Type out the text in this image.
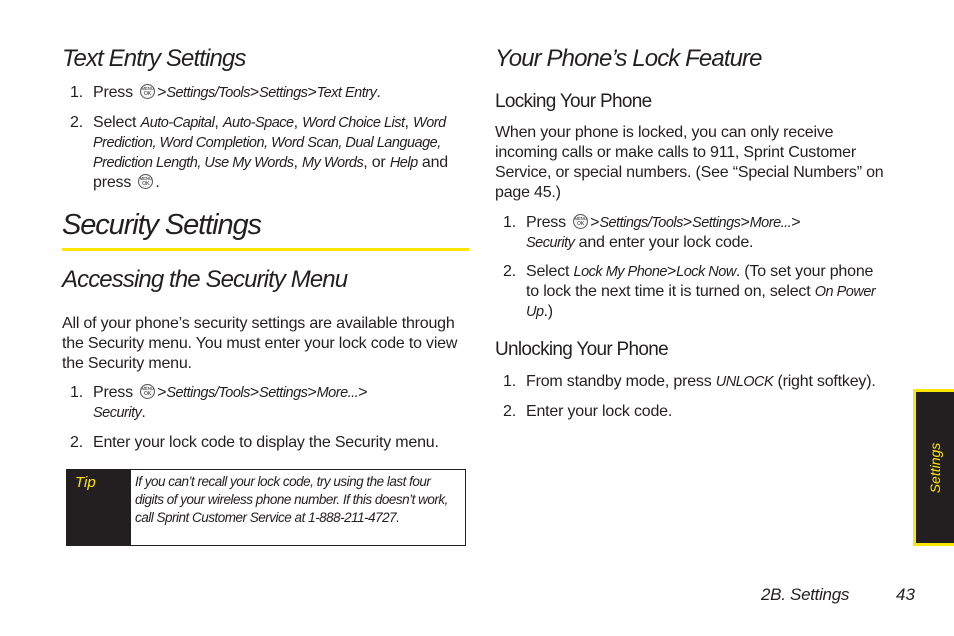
Text Entry Settings
1. Press MENU
OK >Settings/Tools>Settings>Text Entry.
2. Select Auto-Capital, Auto-Space, Word Choice List, Word Prediction, Word Completion, Word Scan, Dual Language, Prediction Length, Use My Words, My Words, or Help and press MENU
OK .
Security Settings
Accessing the Security Menu

All of your phone’s security settings are available through the Security menu. You must enter your lock code to view the Security menu.

1. Press MENU
OK >Settings/Tools>Settings>More...>
Security.
2. Enter your lock code to display the Security menu.
Tip	If you can’t recall your lock code, try using the last four digits of your wireless phone number. If this doesn’t work, call Sprint Customer Service at 1-888-211-4727.

Your Phone’s Lock Feature
Locking Your Phone

When your phone is locked, you can only receive incoming calls or make calls to 911, Sprint Customer Service, or special numbers. (See “Special Numbers” on page 45.)

1. Press MENU
OK >Settings/Tools>Settings>More...>
Security and enter your lock code.
2. Select Lock My Phone>Lock Now. (To set your phone to lock the next time it is turned on, select On Power Up.)
Unlocking Your Phone
1. From standby mode, press UNLOCK (right softkey).
2. Enter your lock code.
Settings
2B. Settings	43
